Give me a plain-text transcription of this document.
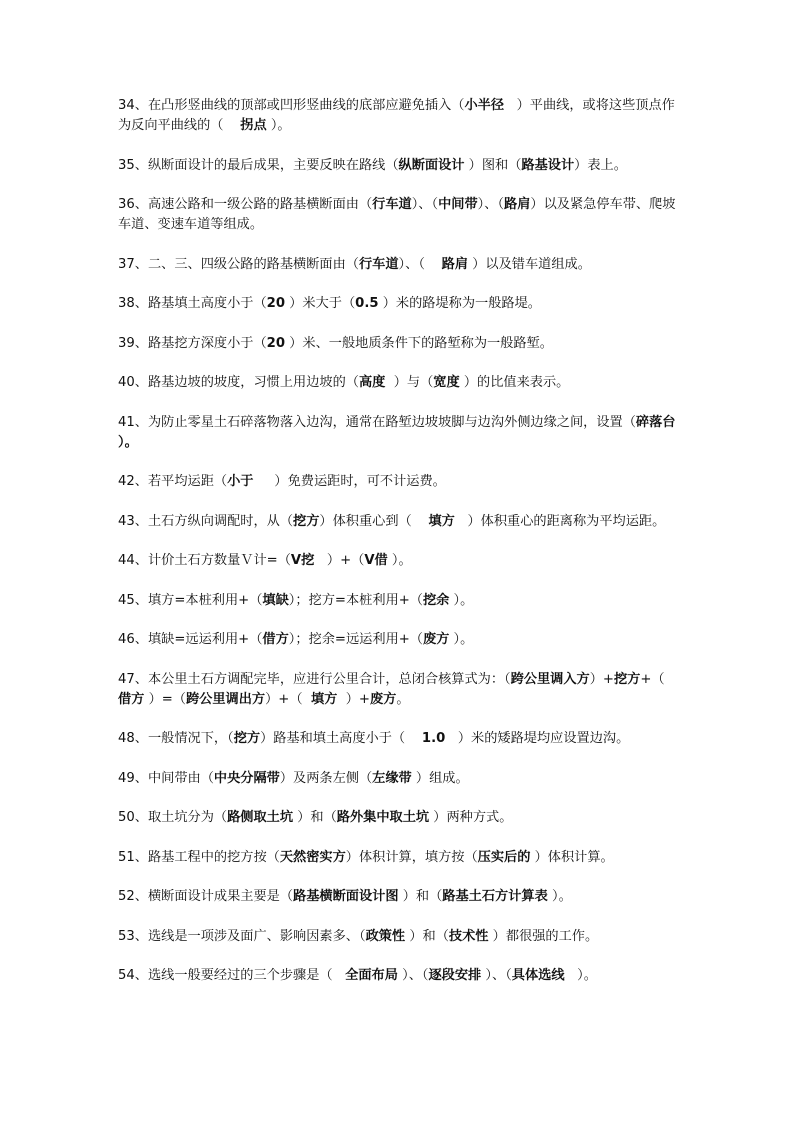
34、在凸形竖曲线的顶部或凹形竖曲线的底部应避免插入（小半径   ）平曲线，或将这些顶点作为反向平曲线的（    拐点 ）。

35、纵断面设计的最后成果，主要反映在路线（纵断面设计 ）图和（路基设计）表上。

36、高速公路和一级公路的路基横断面由（行车道）、（中间带）、（路肩）以及紧急停车带、爬坡车道、变速车道等组成。

37、二、三、四级公路的路基横断面由（行车道）、（    路肩 ）以及错车道组成。

38、路基填土高度小于（20 ）米大于（0.5 ）米的路堤称为一般路堤。

39、路基挖方深度小于（20 ）米、一般地质条件下的路堑称为一般路堑。

40、路基边坡的坡度，习惯上用边坡的（高度  ）与（宽度 ）的比值来表示。

41、为防止零星土石碎落物落入边沟，通常在路堑边坡坡脚与边沟外侧边缘之间，设置（碎落台 ）。

42、若平均运距（小于     ）免费运距时，可不计运费。

43、土石方纵向调配时，从（挖方）体积重心到（    填方   ）体积重心的距离称为平均运距。

44、计价土石方数量Ｖ计=（V挖   ）+（V借 ）。

45、填方=本桩利用+（填缺）；挖方=本桩利用+（挖余 ）。

46、填缺=远运利用+（借方）；挖余=远运利用+（废方 ）。

47、本公里土石方调配完毕，应进行公里合计，总闭合核算式为：（跨公里调入方）+挖方+（    借方 ）=（跨公里调出方）+（  填方  ）+废方。

48、一般情况下，（挖方）路基和填土高度小于（    1.0   ）米的矮路堤均应设置边沟。

49、中间带由（中央分隔带）及两条左侧（左缘带 ）组成。

50、取土坑分为（路侧取土坑 ）和（路外集中取土坑 ）两种方式。

51、路基工程中的挖方按（天然密实方）体积计算，填方按（压实后的 ）体积计算。

52、横断面设计成果主要是（路基横断面设计图 ）和（路基土石方计算表 ）。

53、选线是一项涉及面广、影响因素多、（政策性 ）和（技术性 ）都很强的工作。

54、选线一般要经过的三个步骤是（   全面布局 ）、（逐段安排 ）、（具体选线   ）。
